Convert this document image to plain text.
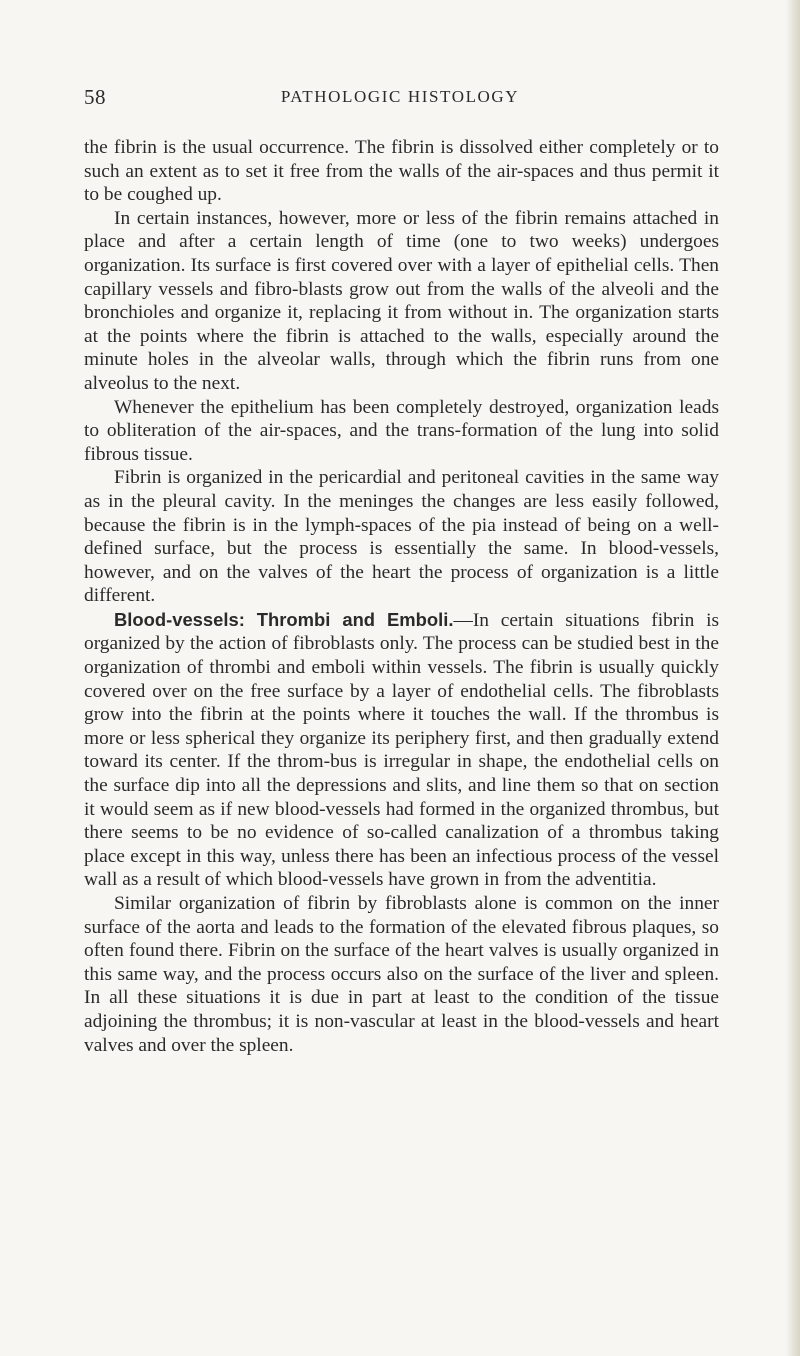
58	PATHOLOGIC HISTOLOGY

the fibrin is the usual occurrence. The fibrin is dissolved either completely or to such an extent as to set it free from the walls of the air-spaces and thus permit it to be coughed up.

In certain instances, however, more or less of the fibrin remains attached in place and after a certain length of time (one to two weeks) undergoes organization. Its surface is first covered over with a layer of epithelial cells. Then capillary vessels and fibro-blasts grow out from the walls of the alveoli and the bronchioles and organize it, replacing it from without in. The organization starts at the points where the fibrin is attached to the walls, especially around the minute holes in the alveolar walls, through which the fibrin runs from one alveolus to the next.

Whenever the epithelium has been completely destroyed, organization leads to obliteration of the air-spaces, and the trans-formation of the lung into solid fibrous tissue.

Fibrin is organized in the pericardial and peritoneal cavities in the same way as in the pleural cavity. In the meninges the changes are less easily followed, because the fibrin is in the lymph-spaces of the pia instead of being on a well-defined surface, but the process is essentially the same. In blood-vessels, however, and on the valves of the heart the process of organization is a little different.

Blood-vessels: Thrombi and Emboli.—In certain situations fibrin is organized by the action of fibroblasts only. The process can be studied best in the organization of thrombi and emboli within vessels. The fibrin is usually quickly covered over on the free surface by a layer of endothelial cells. The fibroblasts grow into the fibrin at the points where it touches the wall. If the thrombus is more or less spherical they organize its periphery first, and then gradually extend toward its center. If the throm-bus is irregular in shape, the endothelial cells on the surface dip into all the depressions and slits, and line them so that on section it would seem as if new blood-vessels had formed in the organized thrombus, but there seems to be no evidence of so-called canalization of a thrombus taking place except in this way, unless there has been an infectious process of the vessel wall as a result of which blood-vessels have grown in from the adventitia.

Similar organization of fibrin by fibroblasts alone is common on the inner surface of the aorta and leads to the formation of the elevated fibrous plaques, so often found there. Fibrin on the surface of the heart valves is usually organized in this same way, and the process occurs also on the surface of the liver and spleen. In all these situations it is due in part at least to the condition of the tissue adjoining the thrombus; it is non-vascular at least in the blood-vessels and heart valves and over the spleen.
